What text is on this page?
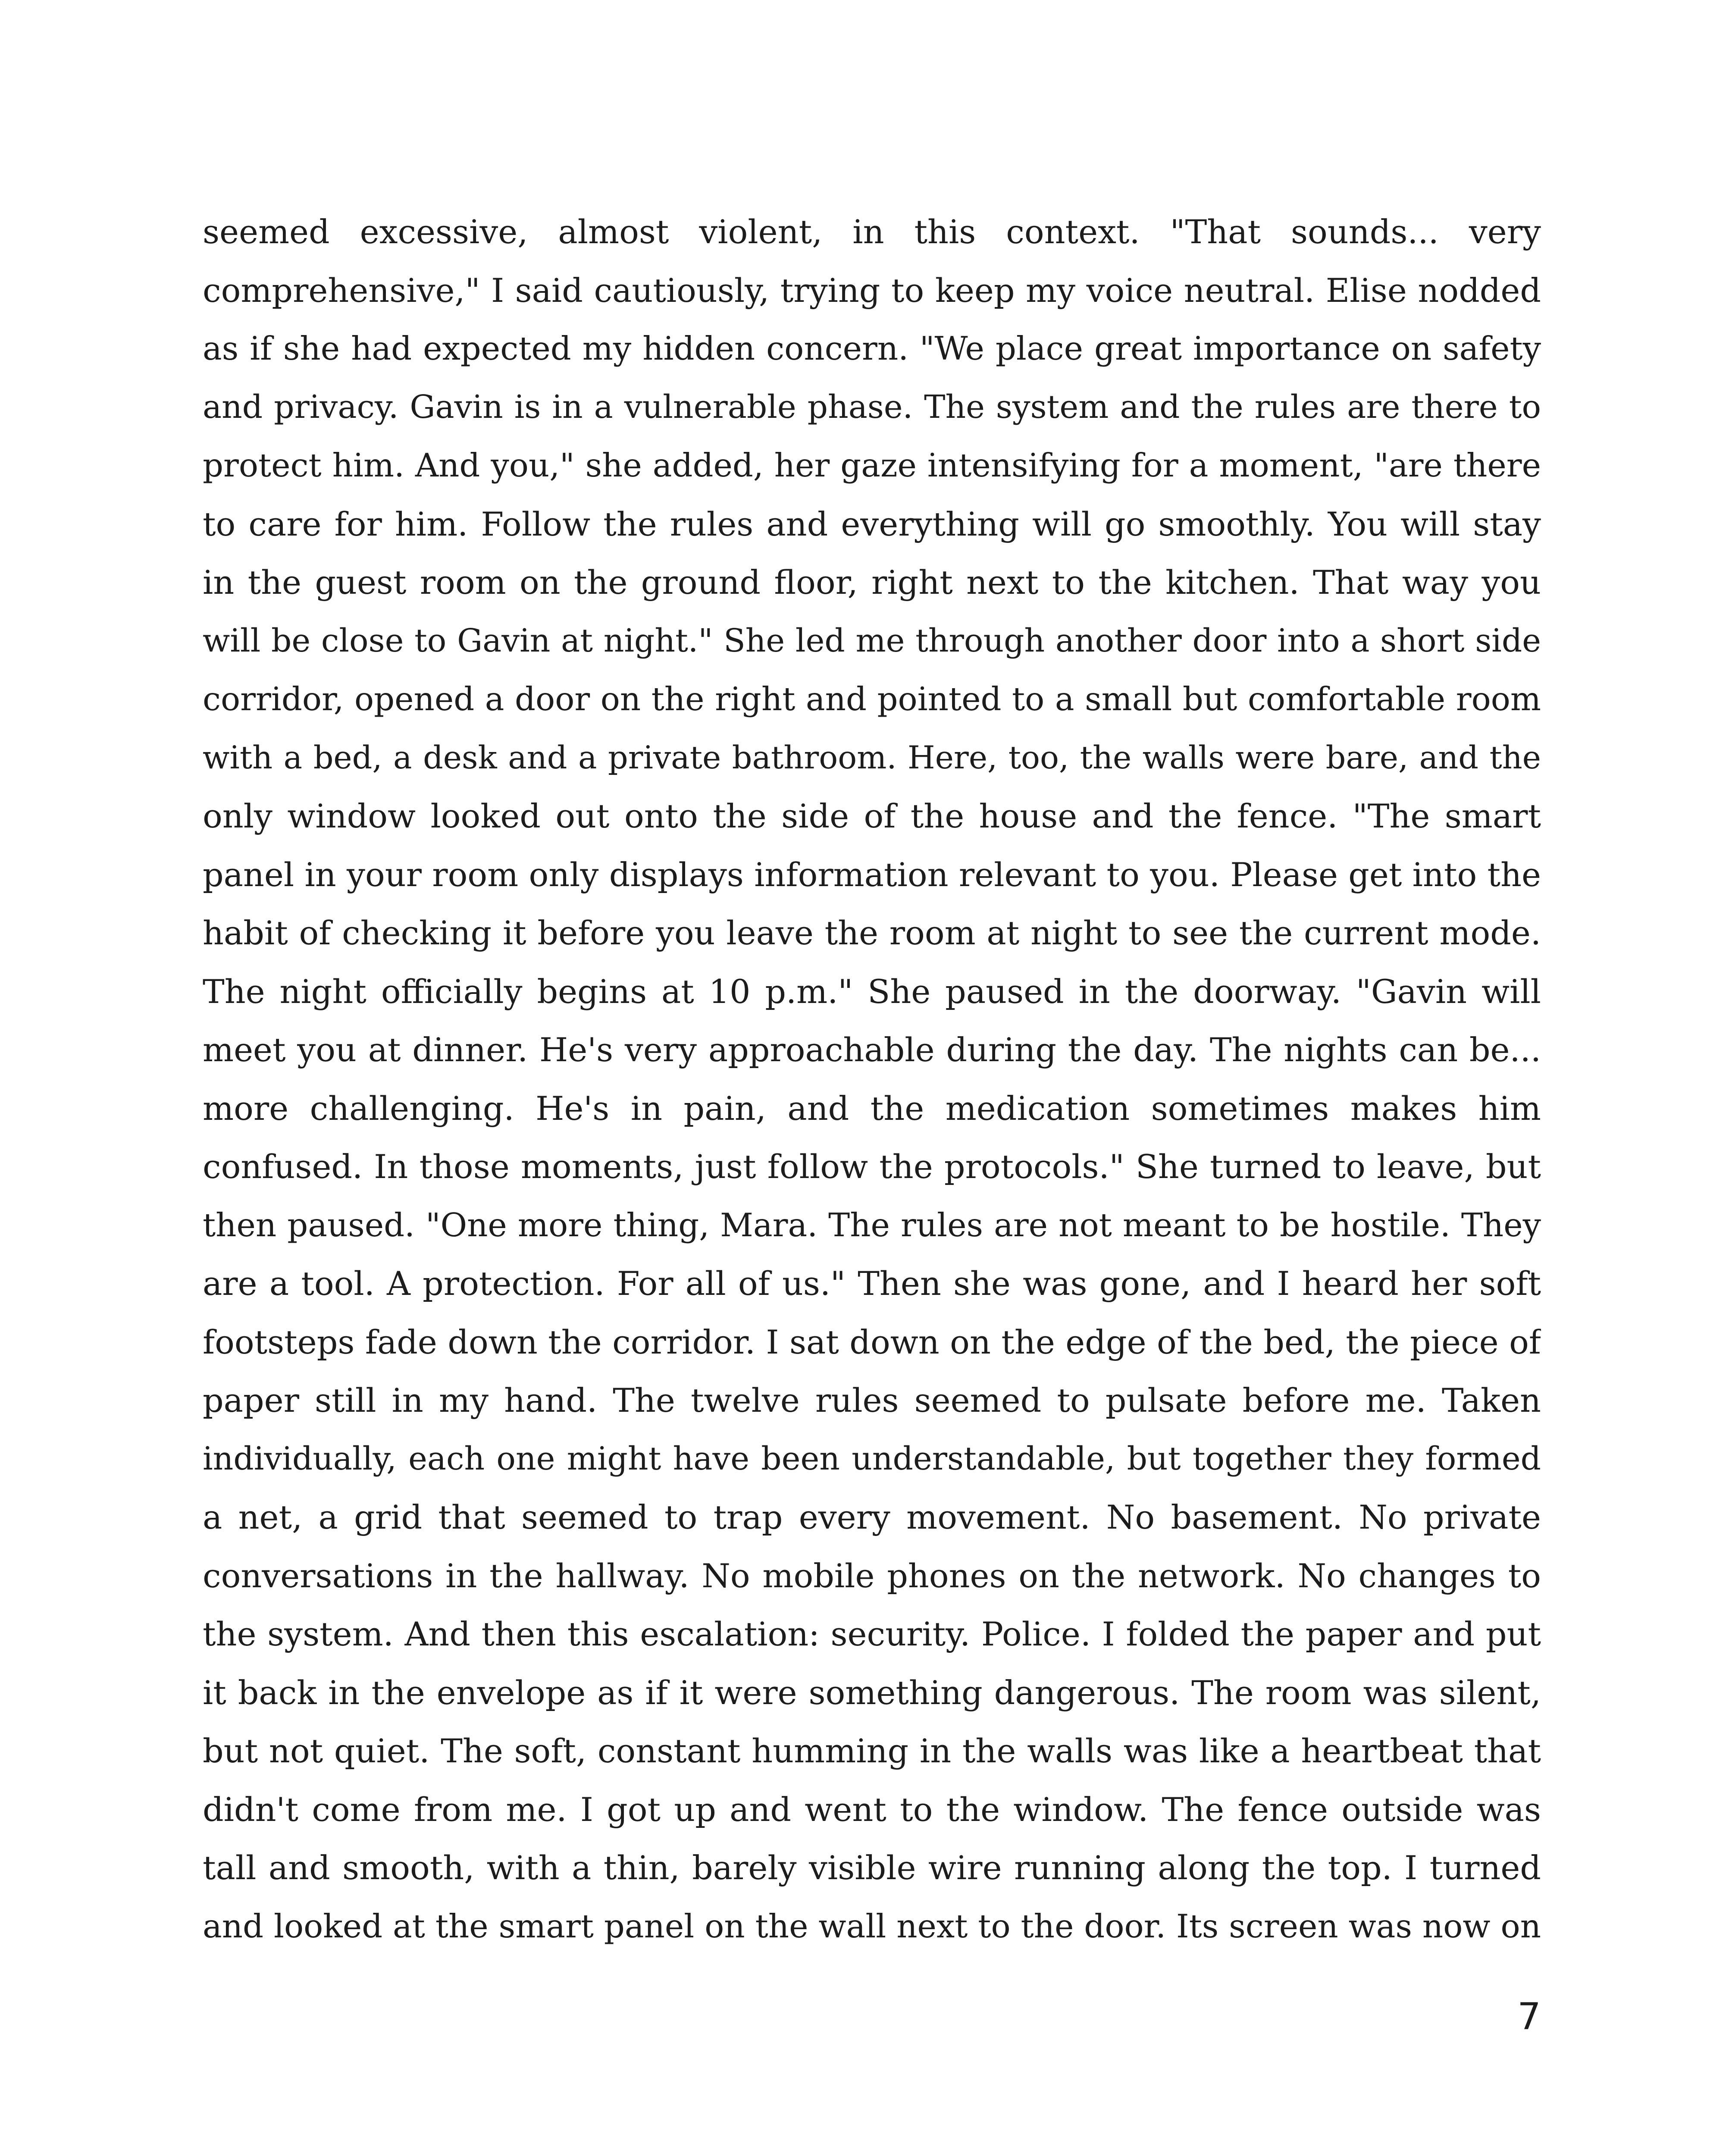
seemed excessive, almost violent, in this context. "That sounds... very
comprehensive," I said cautiously, trying to keep my voice neutral. Elise nodded
as if she had expected my hidden concern. "We place great importance on safety
and privacy. Gavin is in a vulnerable phase. The system and the rules are there to
protect him. And you," she added, her gaze intensifying for a moment, "are there
to care for him. Follow the rules and everything will go smoothly. You will stay
in the guest room on the ground floor, right next to the kitchen. That way you
will be close to Gavin at night." She led me through another door into a short side
corridor, opened a door on the right and pointed to a small but comfortable room
with a bed, a desk and a private bathroom. Here, too, the walls were bare, and the
only window looked out onto the side of the house and the fence. "The smart
panel in your room only displays information relevant to you. Please get into the
habit of checking it before you leave the room at night to see the current mode.
The night officially begins at 10 p.m." She paused in the doorway. "Gavin will
meet you at dinner. He's very approachable during the day. The nights can be...
more challenging. He's in pain, and the medication sometimes makes him
confused. In those moments, just follow the protocols." She turned to leave, but
then paused. "One more thing, Mara. The rules are not meant to be hostile. They
are a tool. A protection. For all of us." Then she was gone, and I heard her soft
footsteps fade down the corridor. I sat down on the edge of the bed, the piece of
paper still in my hand. The twelve rules seemed to pulsate before me. Taken
individually, each one might have been understandable, but together they formed
a net, a grid that seemed to trap every movement. No basement. No private
conversations in the hallway. No mobile phones on the network. No changes to
the system. And then this escalation: security. Police. I folded the paper and put
it back in the envelope as if it were something dangerous. The room was silent,
but not quiet. The soft, constant humming in the walls was like a heartbeat that
didn't come from me. I got up and went to the window. The fence outside was
tall and smooth, with a thin, barely visible wire running along the top. I turned
and looked at the smart panel on the wall next to the door. Its screen was now on
7
